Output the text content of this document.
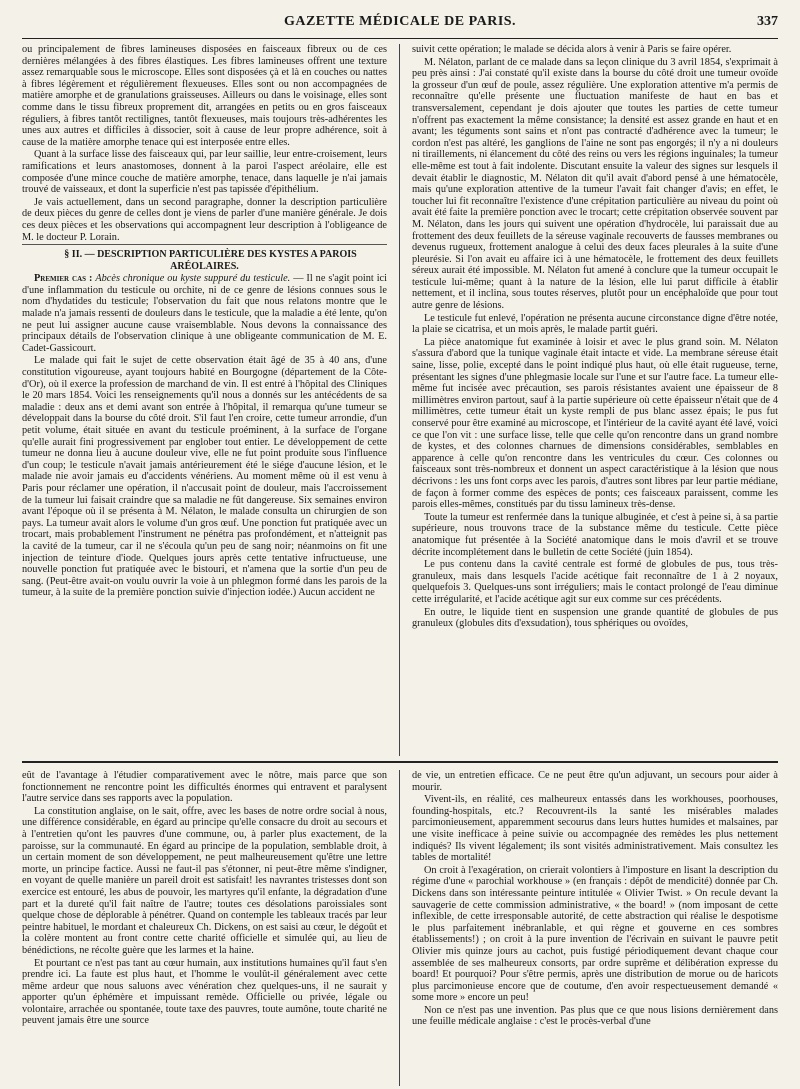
GAZETTE MÉDICALE DE PARIS.	337

ou principalement de fibres lamineuses disposées en faisceaux fibreux ou de ces dernières mélangées à des fibres élastiques. Les fibres lamineuses offrent une texture assez remarquable sous le microscope. Elles sont disposées çà et là en couches ou nattes à fibres légèrement et régulièrement flexueuses. Elles sont ou non accompagnées de matière amorphe et de granulations graisseuses. Ailleurs ou dans le voisinage, elles sont comme dans le tissu fibreux proprement dit, arrangées en petits ou en gros faisceaux réguliers, à fibres tantôt rectilignes, tantôt flexueuses, mais toujours très-adhérentes les unes aux autres et difficiles à dissocier, soit à cause de leur propre adhérence, soit à cause de la matière amorphe tenace qui est interposée entre elles.

Quant à la surface lisse des faisceaux qui, par leur saillie, leur entre-croisement, leurs ramifications et leurs anastomoses, donnent à la paroi l'aspect aréolaire, elle est composée d'une mince couche de matière amorphe, tenace, dans laquelle je n'ai jamais trouvé de vaisseaux, et dont la superficie n'est pas tapissée d'épithélium.

Je vais actuellement, dans un second paragraphe, donner la description particulière de deux pièces du genre de celles dont je viens de parler d'une manière générale. Je dois ces deux pièces et les observations qui accompagnent leur description à l'obligeance de M. le docteur P. Lorain.

§ II. — DESCRIPTION PARTICULIÈRE DES KYSTES A PAROIS ARÉOLAIRES.

Premier cas : Abcès chronique ou kyste suppuré du testicule. — Il ne s'agit point ici d'une inflammation du testicule ou orchite, ni de ce genre de lésions connues sous le nom d'hydatides du testicule; l'observation du fait que nous relatons montre que le malade n'a jamais ressenti de douleurs dans le testicule, que la maladie a été lente, qu'on ne peut lui assigner aucune cause vraisemblable. Nous devons la connaissance des principaux détails de l'observation clinique à une obligeante communication de M. E. Cadet-Gassicourt.

Le malade qui fait le sujet de cette observation était âgé de 35 à 40 ans, d'une constitution vigoureuse, ayant toujours habité en Bourgogne (département de la Côte-d'Or), où il exerce la profession de marchand de vin. Il est entré à l'hôpital des Cliniques le 20 mars 1854. Voici les renseignements qu'il nous a donnés sur les antécédents de sa maladie : deux ans et demi avant son entrée à l'hôpital, il remarqua qu'une tumeur se développait dans la bourse du côté droit. S'il faut l'en croire, cette tumeur arrondie, d'un petit volume, était située en avant du testicule proéminent, à la surface de l'organe qu'elle aurait fini progressivement par englober tout entier. Le développement de cette tumeur ne donna lieu à aucune douleur vive, elle ne fut point produite sous l'influence d'un coup; le testicule n'avait jamais antérieurement été le siége d'aucune lésion, et le malade nie avoir jamais eu d'accidents vénériens. Au moment même où il est venu à Paris pour réclamer une opération, il n'accusait point de douleur, mais l'accroissement de la tumeur lui faisait craindre que sa maladie ne fût dangereuse. Six semaines environ avant l'époque où il se présenta à M. Nélaton, le malade consulta un chirurgien de son pays. La tumeur avait alors le volume d'un gros œuf. Une ponction fut pratiquée avec un trocart, mais probablement l'instrument ne pénétra pas profondément, et n'atteignit pas la cavité de la tumeur, car il ne s'écoula qu'un peu de sang noir; néanmoins on fit une injection de teinture d'iode. Quelques jours après cette tentative infructueuse, une nouvelle ponction fut pratiquée avec le bistouri, et n'amena que la sortie d'un peu de sang. (Peut-être avait-on voulu ouvrir la voie à un phlegmon formé dans les parois de la tumeur, à la suite de la première ponction suivie d'injection iodée.) Aucun accident ne

suivit cette opération; le malade se décida alors à venir à Paris se faire opérer.

M. Nélaton, parlant de ce malade dans sa leçon clinique du 3 avril 1854, s'exprimait à peu près ainsi : J'ai constaté qu'il existe dans la bourse du côté droit une tumeur ovoïde la grosseur d'un œuf de poule, assez régulière. Une exploration attentive m'a permis de reconnaître qu'elle présente une fluctuation manifeste de haut en bas et transversalement, cependant je dois ajouter que toutes les parties de cette tumeur n'offrent pas exactement la même consistance; la densité est assez grande en haut et en avant; les téguments sont sains et n'ont pas contracté d'adhérence avec la tumeur; le cordon n'est pas altéré, les ganglions de l'aine ne sont pas engorgés; il n'y a ni douleurs ni tiraillements, ni élancement du côté des reins ou vers les régions inguinales; la tumeur elle-même est tout à fait indolente. Discutant ensuite la valeur des signes sur lesquels il devait établir le diagnostic, M. Nélaton dit qu'il avait d'abord pensé à une hématocèle, mais qu'une exploration attentive de la tumeur l'avait fait changer d'avis; en effet, le toucher lui fit reconnaître l'existence d'une crépitation particulière au niveau du point où avait été faite la première ponction avec le trocart; cette crépitation observée souvent par M. Nélaton, dans les jours qui suivent une opération d'hydrocèle, lui paraissait due au frottement des deux feuillets de la séreuse vaginale recouverts de fausses membranes ou devenus rugueux, frottement analogue à celui des deux faces pleurales à la suite d'une pleurésie. Si l'on avait eu affaire ici à une hématocèle, le frottement des deux feuillets séreux aurait été impossible. M. Nélaton fut amené à conclure que la tumeur occupait le testicule lui-même; quant à la nature de la lésion, elle lui parut difficile à établir nettement, et il inclina, sous toutes réserves, plutôt pour un encéphaloïde que pour tout autre genre de lésions.

Le testicule fut enlevé, l'opération ne présenta aucune circonstance digne d'être notée, la plaie se cicatrisa, et un mois après, le malade partit guéri.

La pièce anatomique fut examinée à loisir et avec le plus grand soin. M. Nélaton s'assura d'abord que la tunique vaginale était intacte et vide. La membrane séreuse était saine, lisse, polie, excepté dans le point indiqué plus haut, où elle était rugueuse, terne, présentant les signes d'une phlegmasie locale sur l'une et sur l'autre face. La tumeur elle-même fut incisée avec précaution, ses parois résistantes avaient une épaisseur de 8 millimètres environ partout, sauf à la partie supérieure où cette épaisseur n'était que de 4 millimètres, cette tumeur était un kyste rempli de pus blanc assez épais; le pus fut conservé pour être examiné au microscope, et l'intérieur de la cavité ayant été lavé, voici ce que l'on vit : une surface lisse, telle que celle qu'on rencontre dans un grand nombre de kystes, et des colonnes charnues de dimensions considérables, semblables en apparence à celle qu'on rencontre dans les ventricules du cœur. Ces colonnes ou faisceaux sont très-nombreux et donnent un aspect caractéristique à la lésion que nous décrivons : les uns font corps avec les parois, d'autres sont libres par leur partie médiane, de façon à former comme des espèces de ponts; ces faisceaux paraissent, comme les parois elles-mêmes, constitués par du tissu lamineux très-dense.

Toute la tumeur est renfermée dans la tunique albuginée, et c'est à peine si, à sa partie supérieure, nous trouvons trace de la substance même du testicule. Cette pièce anatomique fut présentée à la Société anatomique dans le mois d'avril et se trouve décrite incomplétement dans le bulletin de cette Société (juin 1854).

Le pus contenu dans la cavité centrale est formé de globules de pus, tous très-granuleux, mais dans lesquels l'acide acétique fait reconnaître de 1 à 2 noyaux, quelquefois 3. Quelques-uns sont irréguliers; mais le contact prolongé de l'eau diminue cette irrégularité, et l'acide acétique agit sur eux comme sur ces précédents.

En outre, le liquide tient en suspension une grande quantité de globules de pus granuleux (globules dits d'exsudation), tous sphériques ou ovoïdes,

eût de l'avantage à l'étudier comparativement avec le nôtre, mais parce que son fonctionnement ne rencontre point les difficultés énormes qui entravent et paralysent l'autre service dans ses rapports avec la population.

La constitution anglaise, on le sait, offre, avec les bases de notre ordre social à nous, une différence considérable, en égard au principe qu'elle consacre du droit au secours et à l'entretien qu'ont les pauvres d'une commune, ou, à parler plus exactement, de la paroisse, sur la communauté. En égard au principe de la population, semblable droit, à un certain moment de son développement, ne peut malheureusement qu'être une lettre morte, un principe factice. Aussi ne faut-il pas s'étonner, ni peut-être même s'indigner, en voyant de quelle manière un pareil droit est satisfait! les navrantes tristesses dont son exercice est entouré, les abus de pouvoir, les martyres qu'il enfante, la dégradation d'une part et la dureté qu'il fait naître de l'autre; toutes ces désolations paroissiales sont quelque chose de déplorable à pénétrer. Quand on contemple les tableaux tracés par leur peintre habituel, le mordant et chaleureux Ch. Dickens, on est saisi au cœur, le dégoût et la colère montent au front contre cette charité officielle et simulée qui, au lieu de bénédictions, ne récolte guère que les larmes et la haine.

Et pourtant ce n'est pas tant au cœur humain, aux institutions humaines qu'il faut s'en prendre ici. La faute est plus haut, et l'homme le voulût-il généralement avec cette même ardeur que nous saluons avec vénération chez quelques-uns, il ne saurait y apporter qu'un éphémère et impuissant remède. Officielle ou privée, légale ou volontaire, arrachée ou spontanée, toute taxe des pauvres, toute aumône, toute charité ne peuvent jamais être une source

de vie, un entretien efficace. Ce ne peut être qu'un adjuvant, un secours pour aider à mourir.

Vivent-ils, en réalité, ces malheureux entassés dans les workhouses, poorhouses, founding-hospitals, etc.? Recouvrent-ils la santé les misérables malades parcimonieusement, apparemment secourus dans leurs huttes humides et malsaines, par une visite inefficace à peine suivie ou accompagnée des remèdes les plus nettement indiqués? Ils vivent légalement; ils sont visités administrativement. Mais consultez les tables de mortalité!

On croit à l'exagération, on crierait volontiers à l'imposture en lisant la description du régime d'une « parochial workhouse » (en français : dépôt de mendicité) donnée par Ch. Dickens dans son intéressante peinture intitulée « Olivier Twist. » On recule devant la sauvagerie de cette commission administrative, « the board! » (nom imposant de cette inflexible, de cette irresponsable autorité, de cette abstraction qui réalise le despotisme le plus parfaitement inébranlable, et qui règne et gouverne en ces sombres établissements!) ; on croit à la pure invention de l'écrivain en suivant le pauvre petit Olivier mis quinze jours au cachot, puis fustigé périodiquement devant chaque cour assemblée de ses malheureux consorts, par ordre suprême et délibération expresse du board! Et pourquoi? Pour s'être permis, après une distribution de morue ou de haricots plus parcimonieuse encore que de coutume, d'en avoir respectueusement demandé « some more » encore un peu!

Non ce n'est pas une invention. Pas plus que ce que nous lisions dernièrement dans une feuille médicale anglaise : c'est le procès-verbal d'une
